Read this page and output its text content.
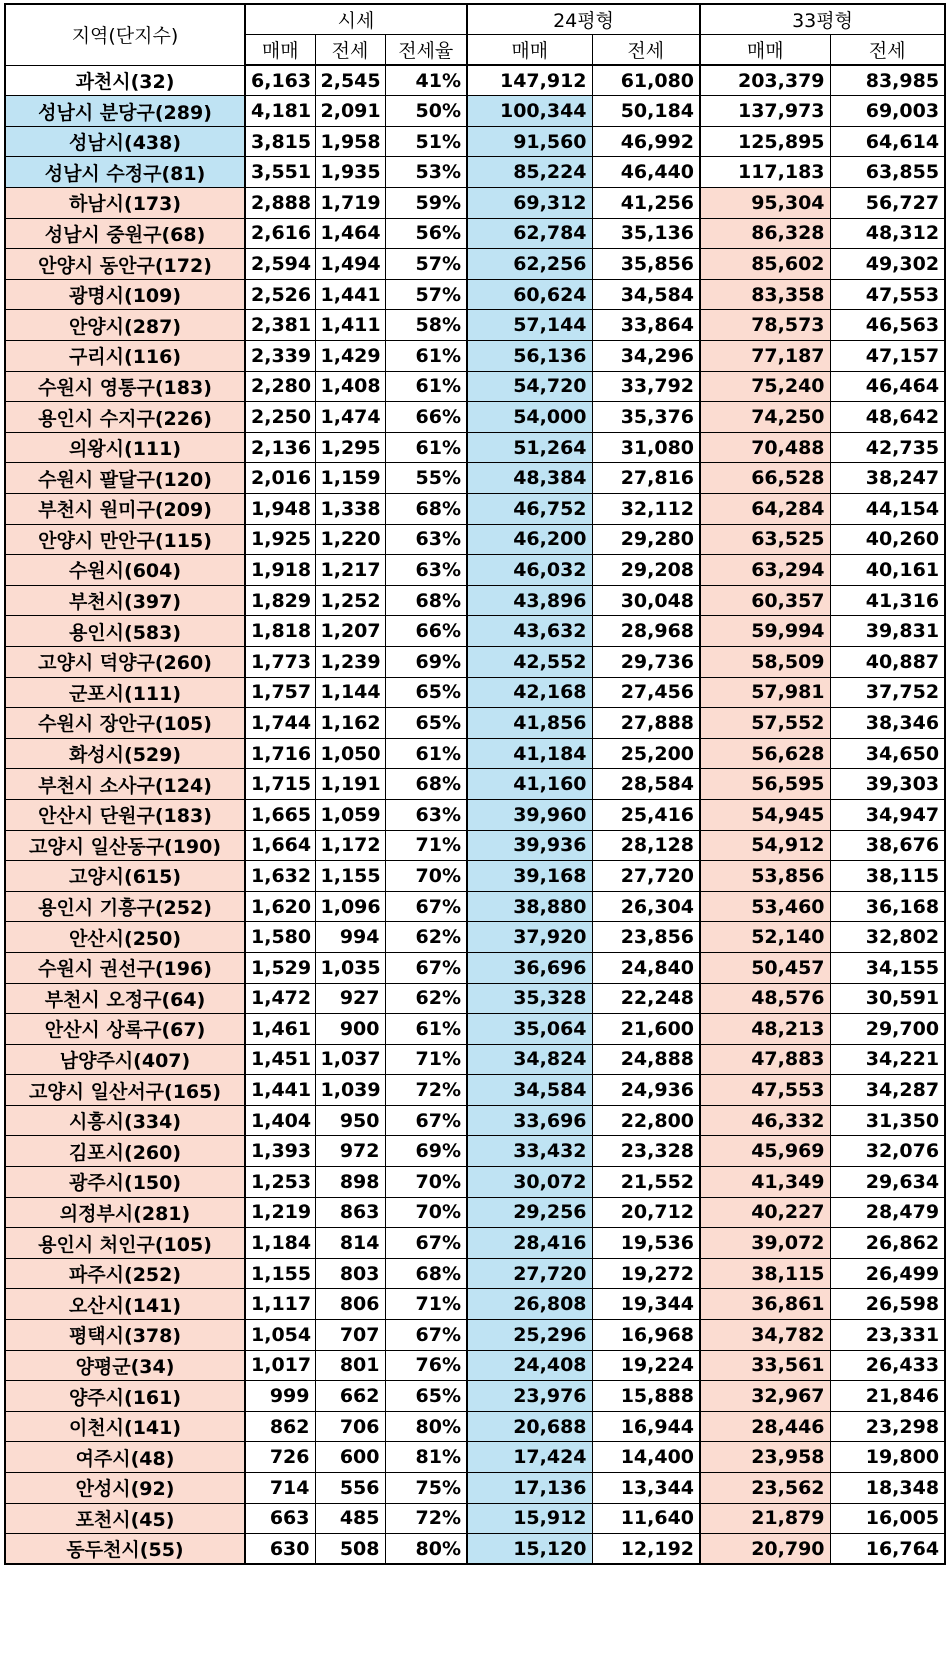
지역(단지수)	시세			24평형		33평형	
	매매	전세	전세율	매매	전세	매매	전세
과천시(32)	6,163	2,545	41%	147,912	61,080	203,379	83,985
성남시 분당구(289)	4,181	2,091	50%	100,344	50,184	137,973	69,003
성남시(438)	3,815	1,958	51%	91,560	46,992	125,895	64,614
성남시 수정구(81)	3,551	1,935	53%	85,224	46,440	117,183	63,855
하남시(173)	2,888	1,719	59%	69,312	41,256	95,304	56,727
성남시 중원구(68)	2,616	1,464	56%	62,784	35,136	86,328	48,312
안양시 동안구(172)	2,594	1,494	57%	62,256	35,856	85,602	49,302
광명시(109)	2,526	1,441	57%	60,624	34,584	83,358	47,553
안양시(287)	2,381	1,411	58%	57,144	33,864	78,573	46,563
구리시(116)	2,339	1,429	61%	56,136	34,296	77,187	47,157
수원시 영통구(183)	2,280	1,408	61%	54,720	33,792	75,240	46,464
용인시 수지구(226)	2,250	1,474	66%	54,000	35,376	74,250	48,642
의왕시(111)	2,136	1,295	61%	51,264	31,080	70,488	42,735
수원시 팔달구(120)	2,016	1,159	55%	48,384	27,816	66,528	38,247
부천시 원미구(209)	1,948	1,338	68%	46,752	32,112	64,284	44,154
안양시 만안구(115)	1,925	1,220	63%	46,200	29,280	63,525	40,260
수원시(604)	1,918	1,217	63%	46,032	29,208	63,294	40,161
부천시(397)	1,829	1,252	68%	43,896	30,048	60,357	41,316
용인시(583)	1,818	1,207	66%	43,632	28,968	59,994	39,831
고양시 덕양구(260)	1,773	1,239	69%	42,552	29,736	58,509	40,887
군포시(111)	1,757	1,144	65%	42,168	27,456	57,981	37,752
수원시 장안구(105)	1,744	1,162	65%	41,856	27,888	57,552	38,346
화성시(529)	1,716	1,050	61%	41,184	25,200	56,628	34,650
부천시 소사구(124)	1,715	1,191	68%	41,160	28,584	56,595	39,303
안산시 단원구(183)	1,665	1,059	63%	39,960	25,416	54,945	34,947
고양시 일산동구(190)	1,664	1,172	71%	39,936	28,128	54,912	38,676
고양시(615)	1,632	1,155	70%	39,168	27,720	53,856	38,115
용인시 기흥구(252)	1,620	1,096	67%	38,880	26,304	53,460	36,168
안산시(250)	1,580	994	62%	37,920	23,856	52,140	32,802
수원시 권선구(196)	1,529	1,035	67%	36,696	24,840	50,457	34,155
부천시 오정구(64)	1,472	927	62%	35,328	22,248	48,576	30,591
안산시 상록구(67)	1,461	900	61%	35,064	21,600	48,213	29,700
남양주시(407)	1,451	1,037	71%	34,824	24,888	47,883	34,221
고양시 일산서구(165)	1,441	1,039	72%	34,584	24,936	47,553	34,287
시흥시(334)	1,404	950	67%	33,696	22,800	46,332	31,350
김포시(260)	1,393	972	69%	33,432	23,328	45,969	32,076
광주시(150)	1,253	898	70%	30,072	21,552	41,349	29,634
의정부시(281)	1,219	863	70%	29,256	20,712	40,227	28,479
용인시 처인구(105)	1,184	814	67%	28,416	19,536	39,072	26,862
파주시(252)	1,155	803	68%	27,720	19,272	38,115	26,499
오산시(141)	1,117	806	71%	26,808	19,344	36,861	26,598
평택시(378)	1,054	707	67%	25,296	16,968	34,782	23,331
양평군(34)	1,017	801	76%	24,408	19,224	33,561	26,433
양주시(161)	999	662	65%	23,976	15,888	32,967	21,846
이천시(141)	862	706	80%	20,688	16,944	28,446	23,298
여주시(48)	726	600	81%	17,424	14,400	23,958	19,800
안성시(92)	714	556	75%	17,136	13,344	23,562	18,348
포천시(45)	663	485	72%	15,912	11,640	21,879	16,005
동두천시(55)	630	508	80%	15,120	12,192	20,790	16,764
